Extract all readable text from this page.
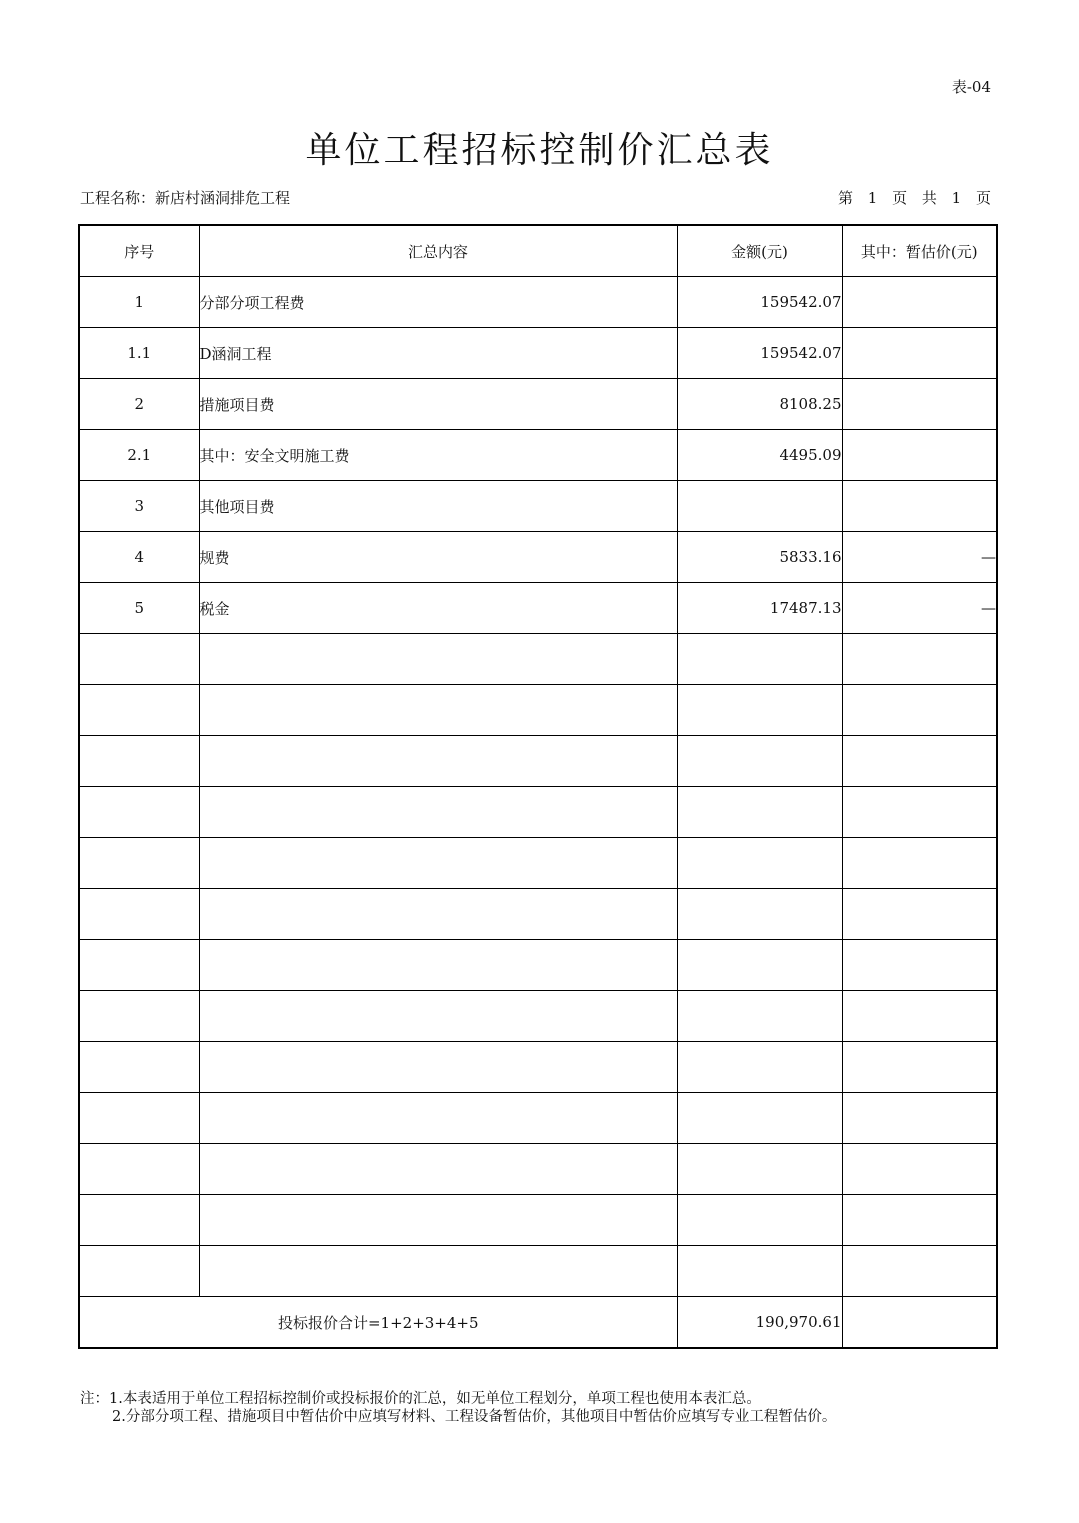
表-04
单位工程招标控制价汇总表
工程名称：新店村涵洞排危工程	第 1 页 共 1 页
序号	汇总内容	金额(元)	其中：暂估价(元)
1	分部分项工程费	159542.07	
1.1	D涵洞工程	159542.07	
2	措施项目费	8108.25	
2.1	其中：安全文明施工费	4495.09	
3	其他项目费		
4	规费	5833.16	—
5	税金	17487.13	—

投标报价合计=1+2+3+4+5		190,970.61	
注：1.本表适用于单位工程招标控制价或投标报价的汇总，如无单位工程划分，单项工程也使用本表汇总。
2.分部分项工程、措施项目中暂估价中应填写材料、工程设备暂估价，其他项目中暂估价应填写专业工程暂估价。
